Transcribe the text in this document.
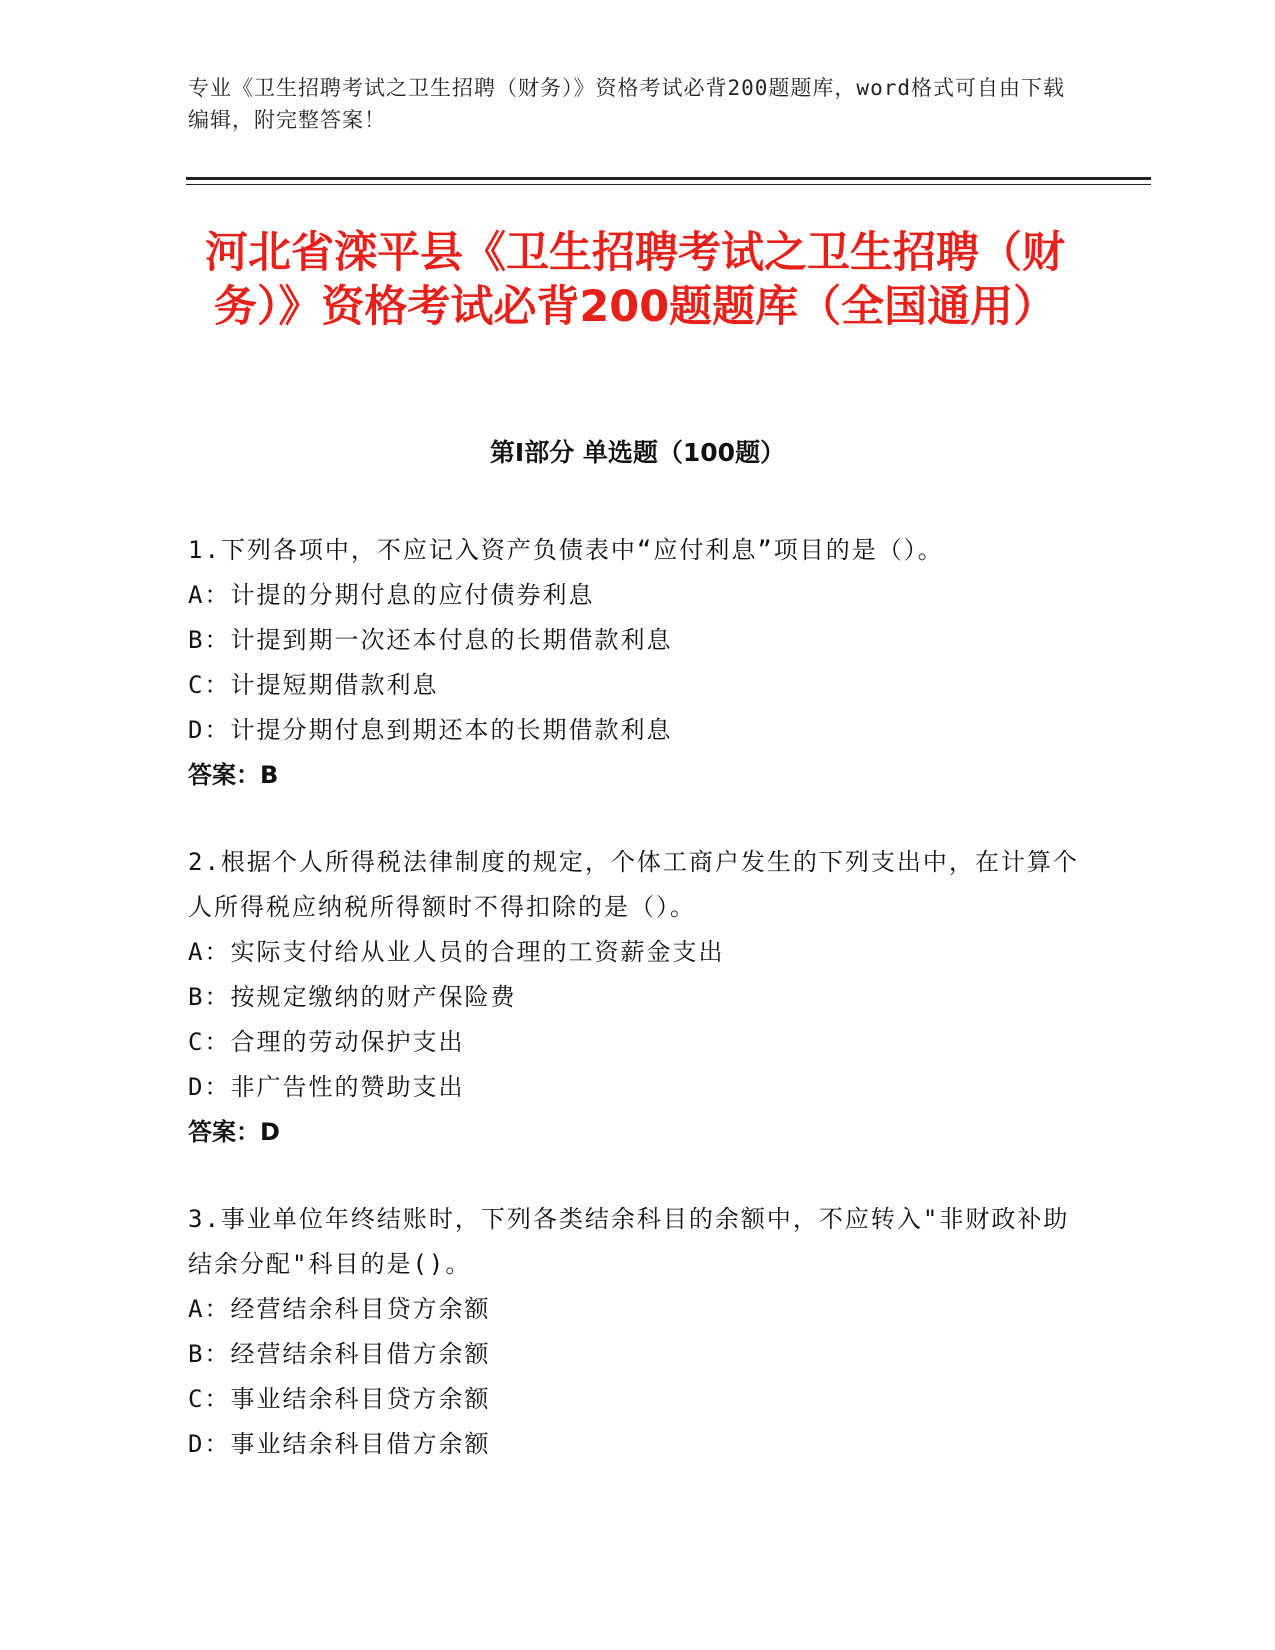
专业《卫生招聘考试之卫生招聘（财务）》资格考试必背200题题库，word格式可自由下载编辑，附完整答案！
河北省滦平县《卫生招聘考试之卫生招聘（财务）》资格考试必背200题题库（全国通用）
第Ⅰ部分 单选题（100题）
1.下列各项中，不应记入资产负债表中“应付利息”项目的是（）。
A：计提的分期付息的应付债券利息
B：计提到期一次还本付息的长期借款利息
C：计提短期借款利息
D：计提分期付息到期还本的长期借款利息
答案：B
2.根据个人所得税法律制度的规定，个体工商户发生的下列支出中，在计算个人所得税应纳税所得额时不得扣除的是（）。
A：实际支付给从业人员的合理的工资薪金支出
B：按规定缴纳的财产保险费
C：合理的劳动保护支出
D：非广告性的赞助支出
答案：D
3.事业单位年终结账时，下列各类结余科目的余额中，不应转入"非财政补助结余分配"科目的是()。
A：经营结余科目贷方余额
B：经营结余科目借方余额
C：事业结余科目贷方余额
D：事业结余科目借方余额
